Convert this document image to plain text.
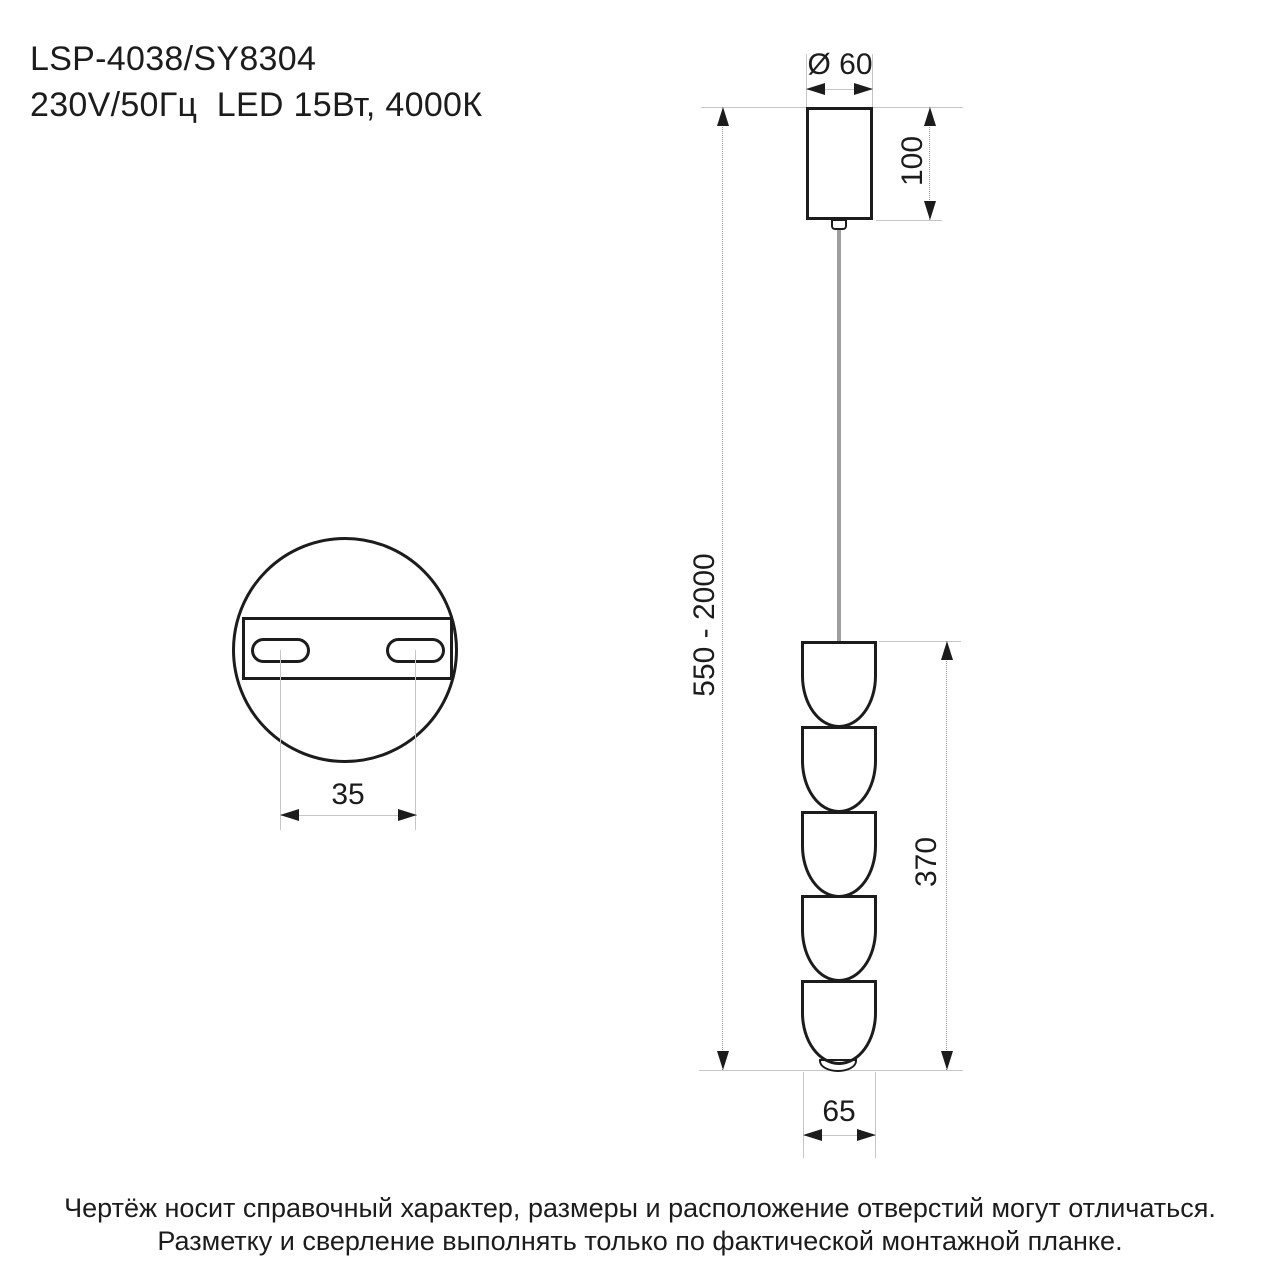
LSP-4038/SY8304
230V/50Гц  LED 15Вт, 4000К
35
Ø 60
550 - 2000
100
370
65
Чертёж носит справочный характер, размеры и расположение отверстий могут отличаться.
Разметку и сверление выполнять только по фактической монтажной планке.
